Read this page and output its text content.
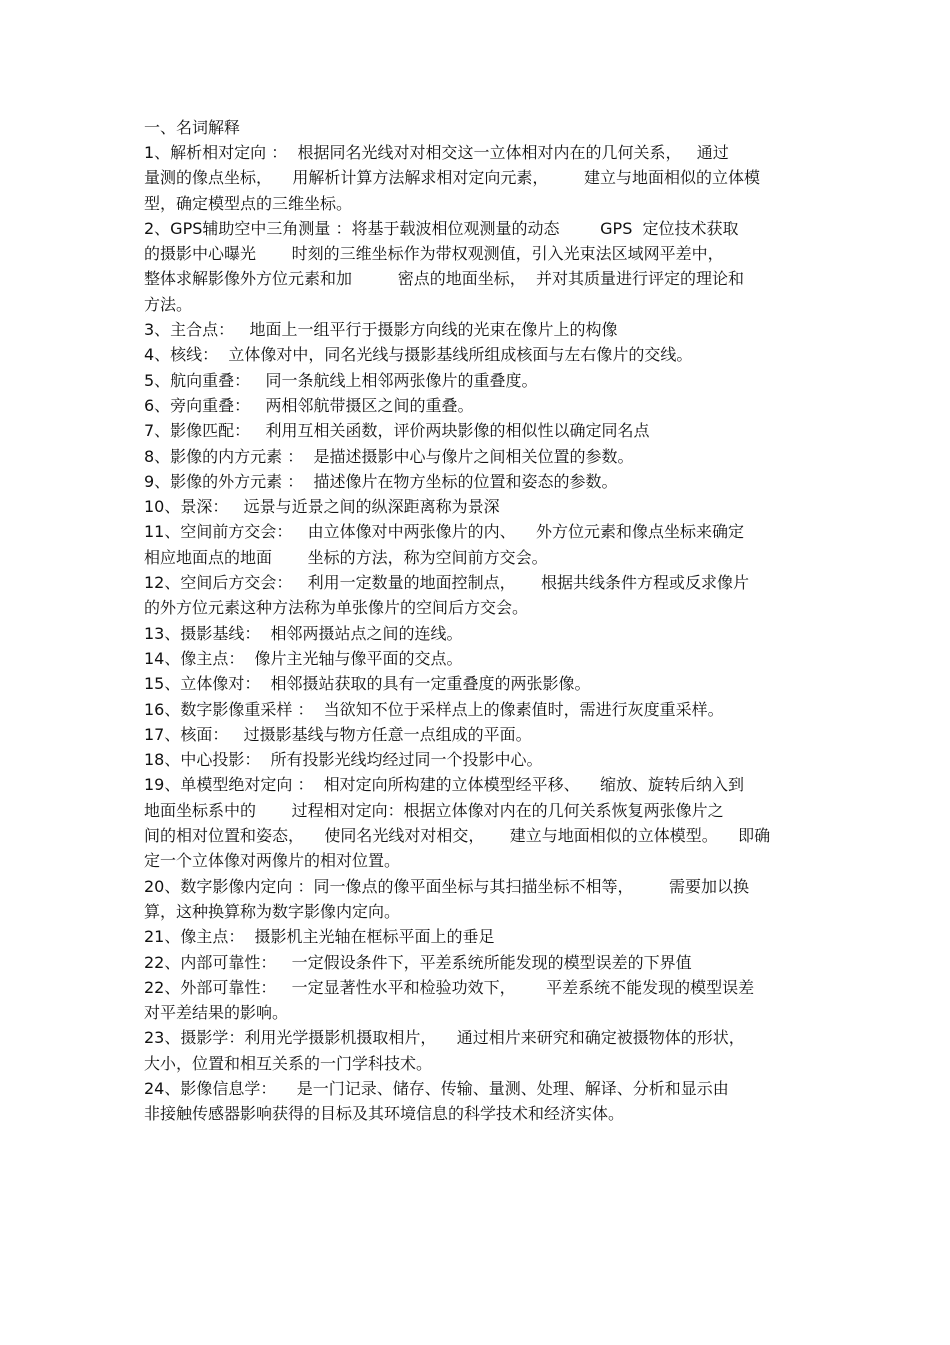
一、名词解释
1、解析相对定向 ：  根据同名光线对对相交这一立体相对内在的几何关系，   通过
量测的像点坐标，    用解析计算方法解求相对定向元素，       建立与地面相似的立体模
型，确定模型点的三维坐标。
2、GPS辅助空中三角测量 ：将基于载波相位观测量的动态        GPS  定位技术获取
的摄影中心曝光       时刻的三维坐标作为带权观测值，引入光束法区域网平差中，
整体求解影像外方位元素和加         密点的地面坐标，  并对其质量进行评定的理论和
方法。
3、主合点：   地面上一组平行于摄影方向线的光束在像片上的构像
4、核线：  立体像对中，同名光线与摄影基线所组成核面与左右像片的交线。
5、航向重叠：   同一条航线上相邻两张像片的重叠度。
6、旁向重叠：   两相邻航带摄区之间的重叠。
7、影像匹配：   利用互相关函数，评价两块影像的相似性以确定同名点
8、影像的内方元素 ：  是描述摄影中心与像片之间相关位置的参数。
9、影像的外方元素 ：  描述像片在物方坐标的位置和姿态的参数。
10、景深：   远景与近景之间的纵深距离称为景深
11、空间前方交会：   由立体像对中两张像片的内、    外方位元素和像点坐标来确定
相应地面点的地面       坐标的方法，称为空间前方交会。
12、空间后方交会：   利用一定数量的地面控制点，     根据共线条件方程或反求像片
的外方位元素这种方法称为单张像片的空间后方交会。
13、摄影基线：  相邻两摄站点之间的连线。
14、像主点：  像片主光轴与像平面的交点。
15、立体像对：  相邻摄站获取的具有一定重叠度的两张影像。
16、数字影像重采样 ：  当欲知不位于采样点上的像素值时，需进行灰度重采样。
17、核面：   过摄影基线与物方任意一点组成的平面。
18、中心投影：  所有投影光线均经过同一个投影中心。
19、单模型绝对定向 ：  相对定向所构建的立体模型经平移、    缩放、旋转后纳入到
地面坐标系中的       过程相对定向：根据立体像对内在的几何关系恢复两张像片之
间的相对位置和姿态，    使同名光线对对相交，     建立与地面相似的立体模型。    即确
定一个立体像对两像片的相对位置。
20、数字影像内定向 ：同一像点的像平面坐标与其扫描坐标不相等，       需要加以换
算，这种换算称为数字影像内定向。
21、像主点：  摄影机主光轴在框标平面上的垂足
22、内部可靠性：   一定假设条件下，平差系统所能发现的模型误差的下界值
22、外部可靠性：   一定显著性水平和检验功效下，      平差系统不能发现的模型误差
对平差结果的影响。
23、摄影学：利用光学摄影机摄取相片，    通过相片来研究和确定被摄物体的形状，
大小，位置和相互关系的一门学科技术。
24、影像信息学：    是一门记录、储存、传输、量测、处理、解译、分析和显示由
非接触传感器影响获得的目标及其环境信息的科学技术和经济实体。
